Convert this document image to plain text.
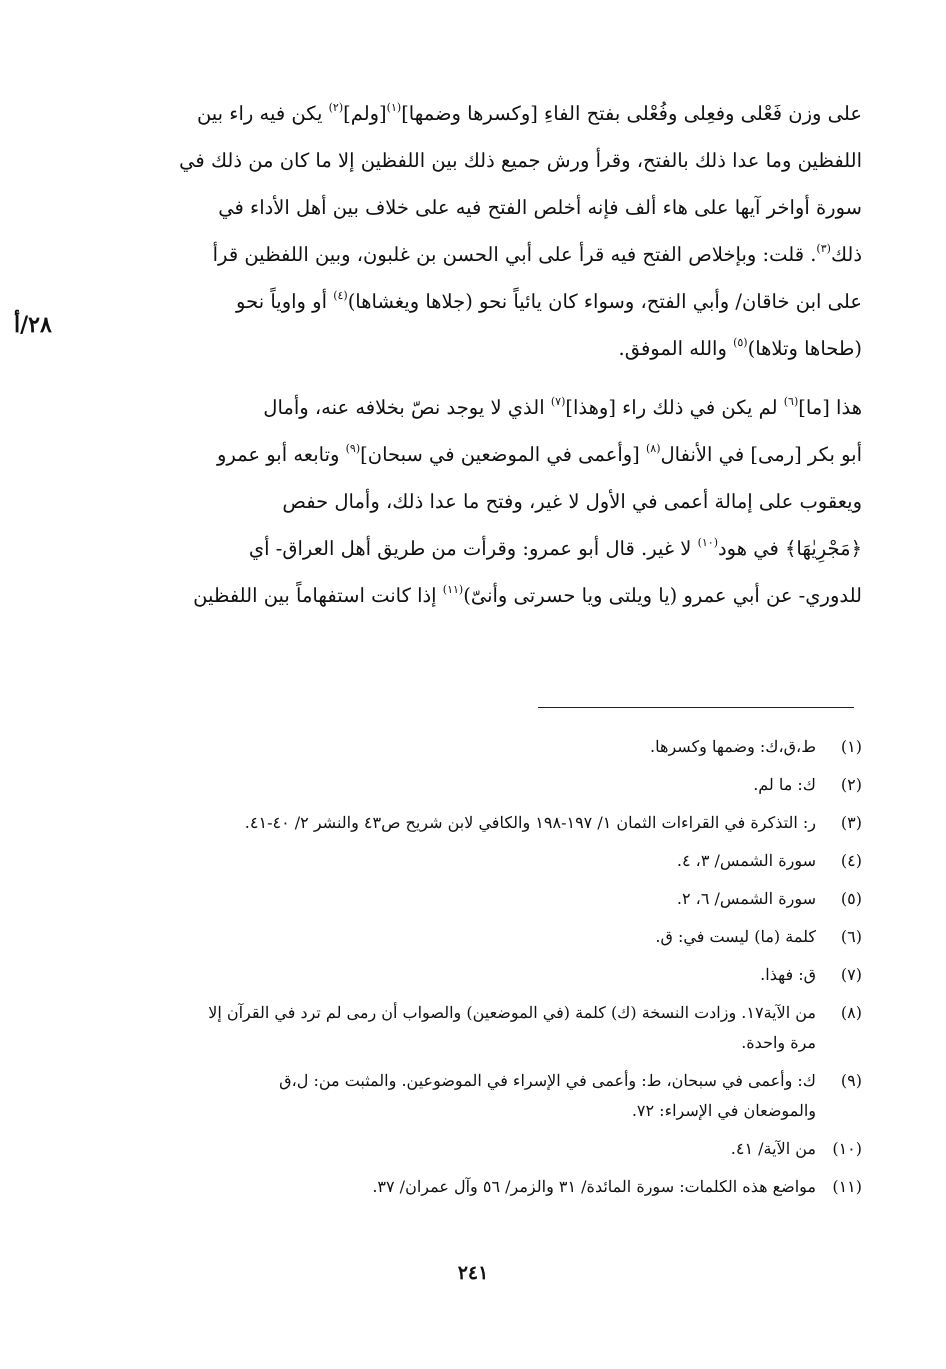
٢٨/أ

على وزن فَعْلى وفعِلى وفُعْلى بفتح الفاءِ [وكسرها وضمها]$^{(١)}$[ولم]$^{(٢)}$ يكن فيه راء بين
اللفظين وما عدا ذلك بالفتح، وقرأ ورش جميع ذلك بين اللفظين إلا ما كان من ذلك في
سورة أواخر آيها على هاء ألف فإنه أخلص الفتح فيه على خلاف بين أهل الأداء في
ذلك$^{(٣)}$. قلت: وبإخلاص الفتح فيه قرأ على أبي الحسن بن غلبون، وبين اللفظين قرأ
على ابن خاقان/ وأبي الفتح، وسواء كان يائياً نحو (جلاها ويغشاها)$^{(٤)}$ أو واوياً نحو
(طحاها وتلاها)$^{(٥)}$ والله الموفق.

هذا [ما]$^{(٦)}$ لم يكن في ذلك راء [وهذا]$^{(٧)}$ الذي لا يوجد نصّ بخلافه عنه، وأمال
أبو بكر [رمى] في الأنفال$^{(٨)}$ [وأعمى في الموضعين في سبحان]$^{(٩)}$ وتابعه أبو عمرو
ويعقوب على إمالة أعمى في الأول لا غير، وفتح ما عدا ذلك، وأمال حفص
﴿مَجْرِيٰهَا﴾ في هود$^{(١٠)}$ لا غير. قال أبو عمرو: وقرأت من طريق أهل العراق- أي
للدوري- عن أبي عمرو (يا ويلتى ويا حسرتى وأنىّ)$^{(١١)}$ إذا كانت استفهاماً بين اللفظين

(١)
ط،ق،ك: وضمها وكسرها.
(٢)
ك: ما لم.
(٣)
ر: التذكرة في القراءات الثمان ١/ ١٩٧-١٩٨ والكافي لابن شريح ص٤٣ والنشر ٢/ ٤٠-٤١.
(٤)
سورة الشمس/ ٣، ٤.
(٥)
سورة الشمس/ ٦، ٢.
(٦)
كلمة (ما) ليست في: ق.
(٧)
ق: فهذا.
(٨)
من الآية١٧. وزادت النسخة (ك) كلمة (في الموضعين) والصواب أن رمى لم ترد في القرآن إلا
مرة واحدة.
(٩)
ك: وأعمى في سبحان، ط: وأعمى في الإسراء في الموضوعين. والمثبت من: ل،ق
والموضعان في الإسراء: ٧٢.
(١٠)
من الآية/ ٤١.
(١١)
مواضع هذه الكلمات: سورة المائدة/ ٣١ والزمر/ ٥٦ وآل عمران/ ٣٧.
٢٤١
